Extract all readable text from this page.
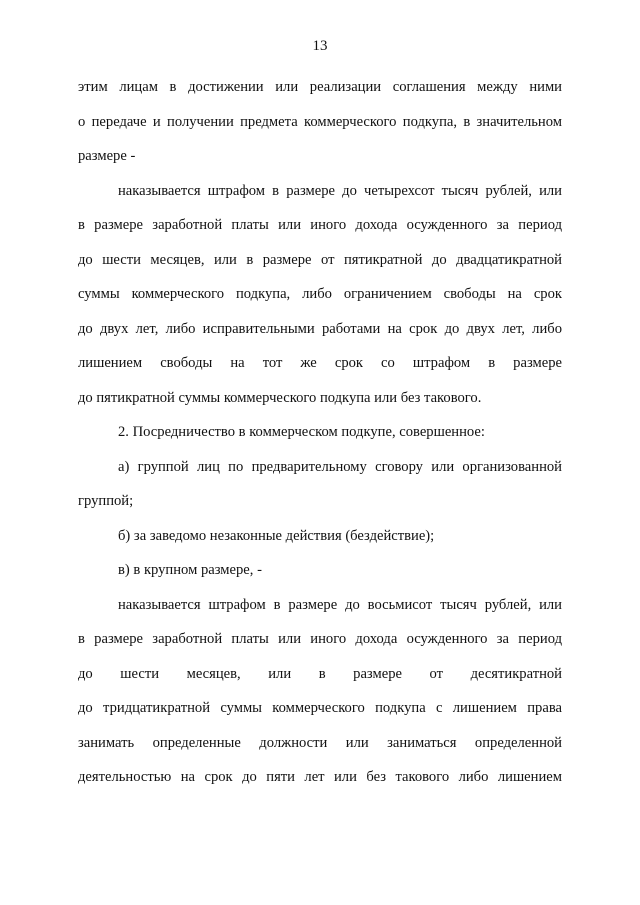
13
этим лицам в достижении или реализации соглашения между ними
о передаче и получении предмета коммерческого подкупа, в значительном
размере -
наказывается штрафом в размере до четырехсот тысяч рублей, или
в размере заработной платы или иного дохода осужденного за период
до шести месяцев, или в размере от пятикратной до двадцатикратной
суммы коммерческого подкупа, либо ограничением свободы на срок
до двух лет, либо исправительными работами на срок до двух лет, либо
лишением свободы на тот же срок со штрафом в размере
до пятикратной суммы коммерческого подкупа или без такового.
2. Посредничество в коммерческом подкупе, совершенное:
а) группой лиц по предварительному сговору или организованной
группой;
б) за заведомо незаконные действия (бездействие);
в) в крупном размере, -
наказывается штрафом в размере до восьмисот тысяч рублей, или
в размере заработной платы или иного дохода осужденного за период
до шести месяцев, или в размере от десятикратной
до тридцатикратной суммы коммерческого подкупа с лишением права
занимать определенные должности или заниматься определенной
деятельностью на срок до пяти лет или без такового либо лишением
